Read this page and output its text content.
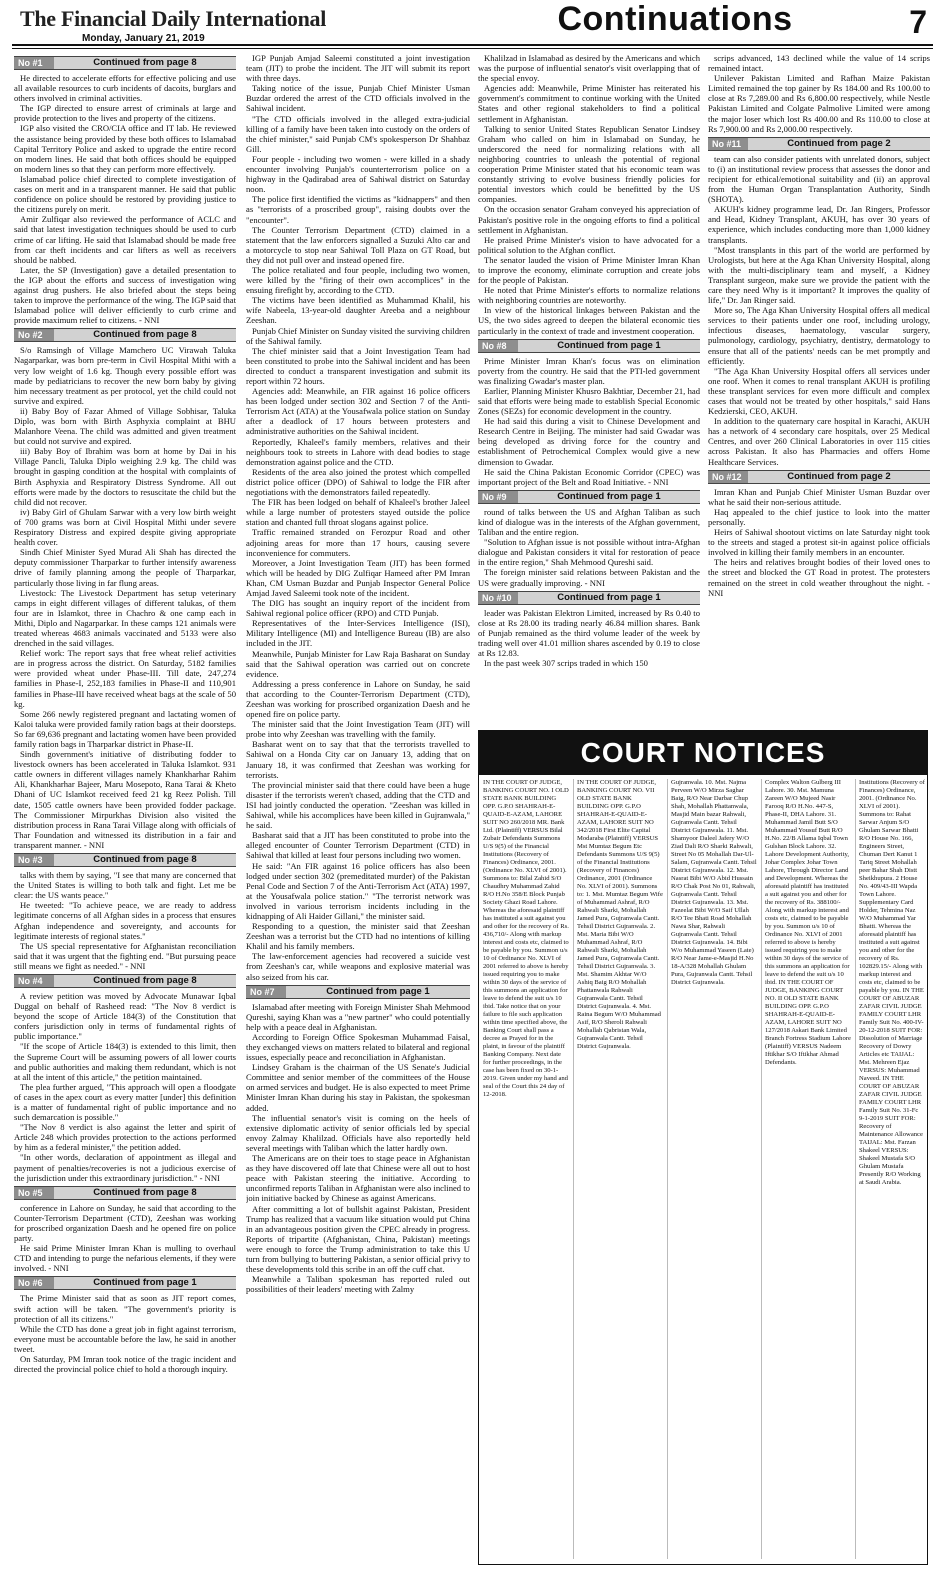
The Financial Daily International
Monday, January 21, 2019
Continuations	7
No #1	Continued from page 8

He directed to accelerate efforts for effective policing and use all available resources to curb incidents of dacoits, burglars and others involved in criminal activities.

The IGP directed to ensure arrest of criminals at large and provide protection to the lives and property of the citizens.

IGP also visited the CRO/CIA office and IT lab. He reviewed the assistance being provided by these both offices to Islamabad Capital Territory Police and asked to upgrade the entire record on modern lines. He said that both offices should be equipped on modern lines so that they can perform more effectively.

Islamabad police chief directed to complete investigation of cases on merit and in a transparent manner. He said that public confidence on police should be restored by providing justice to the citizens purely on merit.

Amir Zulfiqar also reviewed the performance of ACLC and said that latest investigation techniques should be used to curb crime of car lifting. He said that Islamabad should be made free from car theft incidents and car lifters as well as receivers should be nabbed.

Later, the SP (Investigation) gave a detailed presentation to the IGP about the efforts and success of investigation wing against drug pushers. He also briefed about the steps being taken to improve the performance of the wing. The IGP said that Islamabad police will deliver efficiently to curb crime and provide maximum relief to citizens. - NNI

No #2	Continued from page 8

S/o Ramsingh of Village Mamchero UC Virawah Taluka Nagarparkar, was born pre-term in Civil Hospital Mithi with a very low weight of 1.6 kg. Though every possible effort was made by pediatricians to recover the new born baby by giving him necessary treatment as per protocol, yet the child could not survive and expired.

ii) Baby Boy of Fazar Ahmed of Village Sobhisar, Taluka Diplo, was born with Birth Asphyxia complaint at BHU Malanhore Veena. The child was admitted and given treatment but could not survive and expired.

iii) Baby Boy of Ibrahim was born at home by Dai in his Village Pancli, Taluka Diplo weighing 2.9 kg. The child was brought in gasping condition at the hospital with complaints of Birth Asphyxia and Respiratory Distress Syndrome. All out efforts were made by the doctors to resuscitate the child but the child did not recover.

iv) Baby Girl of Ghulam Sarwar with a very low birth weight of 700 grams was born at Civil Hospital Mithi under severe Respiratory Distress and expired despite giving appropriate health cover.

Sindh Chief Minister Syed Murad Ali Shah has directed the deputy commissioner Tharparkar to further intensify awareness drive of family planning among the people of Tharparkar, particularly those living in far flung areas.

Livestock: The Livestock Department has setup veterinary camps in eight different villages of different talukas, of them four are in Islamkot, three in Chachro & one camp each in Mithi, Diplo and Nagarparkar. In these camps 121 animals were treated whereas 4683 animals vaccinated and 5133 were also drenched in the said villages.

Relief work: The report says that free wheat relief activities are in progress across the district. On Saturday, 5182 families were provided wheat under Phase-III. Till date, 247,274 families in Phase-I, 252,183 families in Phase-II and 110,901 families in Phase-III have received wheat bags at the scale of 50 kg.

Some 266 newly registered pregnant and lactating women of Kaloi taluka were provided family ration bags at their doorsteps. So far 69,636 pregnant and lactating women have been provided family ration bags in Tharparkar district in Phase-II.

Sindh government's initiative of distributing fodder to livestock owners has been accelerated in Taluka Islamkot. 931 cattle owners in different villages namely Khankharhar Rahim Ali, Khankharhar Bajeer, Maru Mosepoto, Rana Tarai & Kheto Dhani of UC Islamkot received feed 21 kg Reez Polish. Till date, 1505 cattle owners have been provided fodder package. The Commissioner Mirpurkhas Division also visited the distribution process in Rana Tarai Village along with officials of Thar Foundation and witnessed its distribution in a fair and transparent manner. - NNI

No #3	Continued from page 8

talks with them by saying, "I see that many are concerned that the United States is willing to both talk and fight. Let me be clear: the US wants peace."

He tweeted: "To achieve peace, we are ready to address legitimate concerns of all Afghan sides in a process that ensures Afghan independence and sovereignty, and accounts for legitimate interests of regional states."

The US special representative for Afghanistan reconciliation said that it was urgent that the fighting end. "But pursuing peace still means we fight as needed." - NNI

No #4	Continued from page 8

A review petition was moved by Advocate Munawar Iqbal Duggal on behalf of Rasheed read: "The Nov 8 verdict is beyond the scope of Article 184(3) of the Constitution that confers jurisdiction only in terms of fundamental rights of public importance."

"If the scope of Article 184(3) is extended to this limit, then the Supreme Court will be assuming powers of all lower courts and public authorities and making them redundant, which is not at all the intent of this article," the petition maintained.

The plea further argued, "This approach will open a floodgate of cases in the apex court as every matter [under] this definition is a matter of fundamental right of public importance and no such demarcation is possible."

"The Nov 8 verdict is also against the letter and spirit of Article 248 which provides protection to the actions performed by him as a federal minister," the petition added.

"In other words, declaration of appointment as illegal and payment of penalties/recoveries is not a judicious exercise of the jurisdiction under this extraordinary jurisdiction." - NNI

No #5	Continued from page 8

conference in Lahore on Sunday, he said that according to the Counter-Terrorism Department (CTD), Zeeshan was working for proscribed organization Daesh and he opened fire on police party.

He said Prime Minister Imran Khan is mulling to overhaul CTD and intending to purge the nefarious elements, if they were involved. - NNI

No #6	Continued from page 1

The Prime Minister said that as soon as JIT report comes, swift action will be taken. "The government's priority is protection of all its citizens."

While the CTD has done a great job in fight against terrorism, everyone must be accountable before the law, he said in another tweet.

On Saturday, PM Imran took notice of the tragic incident and directed the provincial police chief to hold a thorough inquiry.

IGP Punjab Amjad Saleemi constituted a joint investigation team (JIT) to probe the incident. The JIT will submit its report with three days.

Taking notice of the issue, Punjab Chief Minister Usman Buzdar ordered the arrest of the CTD officials involved in the Sahiwal incident.

"The CTD officials involved in the alleged extra-judicial killing of a family have been taken into custody on the orders of the chief minister," said Punjab CM's spokesperson Dr Shahbaz Gill.

Four people - including two women - were killed in a shady encounter involving Punjab's counterterrorism police on a highway in the Qadirabad area of Sahiwal district on Saturday noon.

The police first identified the victims as "kidnappers" and then as "terrorists of a proscribed group", raising doubts over the "encounter".

The Counter Terrorism Department (CTD) claimed in a statement that the law enforcers signalled a Suzuki Alto car and a motorcycle to stop near Sahiwal Toll Plaza on GT Road, but they did not pull over and instead opened fire.

The police retaliated and four people, including two women, were killed by the "firing of their own accomplices" in the ensuing firefight by, according to the CTD.

The victims have been identified as Muhammad Khalil, his wife Nabeela, 13-year-old daughter Areeba and a neighbour Zeeshan.

Punjab Chief Minister on Sunday visited the surviving children of the Sahiwal family.

The chief minister said that a Joint Investigation Team had been constituted to probe into the Sahiwal incident and has been directed to conduct a transparent investigation and submit its report within 72 hours.

Agencies add: Meanwhile, an FIR against 16 police officers has been lodged under section 302 and Section 7 of the Anti-Terrorism Act (ATA) at the Yousafwala police station on Sunday after a deadlock of 17 hours between protesters and administrative authorities on the Sahiwal incident.

Reportedly, Khaleel's family members, relatives and their neighbours took to streets in Lahore with dead bodies to stage demonstration against police and the CTD.

Residents of the area also joined the protest which compelled district police officer (DPO) of Sahiwal to lodge the FIR after negotiations with the demonstrators failed repeatedly.

The FIR has been lodged on behalf of Khaleel's brother Jaleel while a large number of protesters stayed outside the police station and chanted full throat slogans against police.

Traffic remained stranded on Ferozpur Road and other adjoining areas for more than 17 hours, causing severe inconvenience for commuters.

Moreover, a Joint Investigation Team (JIT) has been formed which will be headed by DIG Zulfiqar Hameed after PM Imran Khan, CM Usman Buzdar and Punjab Inspector General Police Amjad Javed Saleemi took note of the incident.

The DIG has sought an inquiry report of the incident from Sahiwal regional police officer (RPO) and CTD Punjab.

Representatives of the Inter-Services Intelligence (ISI), Military Intelligence (MI) and Intelligence Bureau (IB) are also included in the JIT.

Meanwhile, Punjab Minister for Law Raja Basharat on Sunday said that the Sahiwal operation was carried out on concrete evidence.

Addressing a press conference in Lahore on Sunday, he said that according to the Counter-Terrorism Department (CTD), Zeeshan was working for proscribed organization Daesh and he opened fire on police party.

The minister said that the Joint Investigation Team (JIT) will probe into why Zeeshan was travelling with the family.

Basharat went on to say that that the terrorists travelled to Sahiwal on a Honda City car on January 13, adding that on January 18, it was confirmed that Zeeshan was working for terrorists.

The provincial minister said that there could have been a huge disaster if the terrorists weren't chased, adding that the CTD and ISI had jointly conducted the operation. "Zeeshan was killed in Sahiwal, while his accomplices have been killed in Gujranwala," he said.

Basharat said that a JIT has been constituted to probe into the alleged encounter of Counter Terrorism Department (CTD) in Sahiwal that killed at least four persons including two women.

He said: "An FIR against 16 police officers has also been lodged under section 302 (premeditated murder) of the Pakistan Penal Code and Section 7 of the Anti-Terrorism Act (ATA) 1997, at the Yousafwala police station." "The terrorist network was involved in various terrorism incidents including in the kidnapping of Ali Haider Gillani," the minister said.

Responding to a question, the minister said that Zeeshan Zeeshan was a terrorist but the CTD had no intentions of killing Khalil and his family members.

The law-enforcement agencies had recovered a suicide vest from Zeeshan's car, while weapons and explosive material was also seized from his car.

No #7	Continued from page 1

Islamabad after meeting with Foreign Minister Shah Mehmood Qureshi, saying Khan was a "new partner" who could potentially help with a peace deal in Afghanistan.

According to Foreign Office Spokesman Muhammad Faisal, they exchanged views on matters related to bilateral and regional issues, especially peace and reconciliation in Afghanistan.

Lindsey Graham is the chairman of the US Senate's Judicial Committee and senior member of the committees of the House on armed services and budget. He is also expected to meet Prime Minister Imran Khan during his stay in Pakistan, the spokesman added.

The influential senator's visit is coming on the heels of extensive diplomatic activity of senior officials led by special envoy Zalmay Khalilzad. Officials have also reportedly held several meetings with Taliban which the latter hardly own.

The Americans are on their toes to stage peace in Afghanistan as they have discovered off late that Chinese were all out to host peace with Pakistan steering the initiative. According to unconfirmed reports Taliban in Afghanistan were also inclined to join initiative backed by Chinese as against Americans.

After committing a lot of bullshit against Pakistan, President Trump has realized that a vacuum like situation would put China in an advantageous position given the CPEC already in progress. Reports of tripartite (Afghanistan, China, Pakistan) meetings were enough to force the Trump administration to take this U turn from bullying to buttering Pakistan, a senior official privy to these developments told this scribe in an off the cuff chat.

Meanwhile a Taliban spokesman has reported ruled out possibilities of their leaders' meeting with Zalmy

Khalilzad in Islamabad as desired by the Americans and which was the purpose of influential senator's visit overlapping that of the special envoy.

Agencies add: Meanwhile, Prime Minister has reiterated his government's commitment to continue working with the United States and other regional stakeholders to find a political settlement in Afghanistan.

Talking to senior United States Republican Senator Lindsey Graham who called on him in Islamabad on Sunday, he underscored the need for normalizing relations with all neighboring countries to unleash the potential of regional cooperation Prime Minister stated that his economic team was constantly striving to evolve business friendly policies for potential investors which could be benefitted by the US companies.

On the occasion senator Graham conveyed his appreciation of Pakistan's positive role in the ongoing efforts to find a political settlement in Afghanistan.

He praised Prime Minister's vision to have advocated for a political solution to the Afghan conflict.

The senator lauded the vision of Prime Minister Imran Khan to improve the economy, eliminate corruption and create jobs for the people of Pakistan.

He noted that Prime Minister's efforts to normalize relations with neighboring countries are noteworthy.

In view of the historical linkages between Pakistan and the US, the two sides agreed to deepen the bilateral economic ties particularly in the context of trade and investment cooperation.

No #8	Continued from page 1

Prime Minister Imran Khan's focus was on elimination poverty from the country. He said that the PTI-led government was finalizing Gwadar's master plan.

Earlier, Planning Minister Khusro Bakhtiar, December 21, had said that efforts were being made to establish Special Economic Zones (SEZs) for economic development in the country.

He had said this during a visit to Chinese Development and Research Centre in Beijing. The minister had said Gwadar was being developed as driving force for the country and establishment of Petrochemical Complex would give a new dimension to Gwadar.

He said the China Pakistan Economic Corridor (CPEC) was important project of the Belt and Road Initiative. - NNI

No #9	Continued from page 1

round of talks between the US and Afghan Taliban as such kind of dialogue was in the interests of the Afghan government, Taliban and the entire region.

"Solution to Afghan issue is not possible without intra-Afghan dialogue and Pakistan considers it vital for restoration of peace in the entire region," Shah Mehmood Qureshi said.

The foreign minister said relations between Pakistan and the US were gradually improving. - NNI

No #10	Continued from page 1

leader was Pakistan Elektron Limited, increased by Rs 0.40 to close at Rs 28.00 its trading nearly 46.84 million shares. Bank of Punjab remained as the third volume leader of the week by trading well over 41.01 million shares ascended by 0.19 to close at Rs 12.83.

In the past week 307 scrips traded in which 150

scrips advanced, 143 declined while the value of 14 scrips remained intact.

Unilever Pakistan Limited and Rafhan Maize Pakistan Limited remained the top gainer by Rs 184.00 and Rs 100.00 to close at Rs 7,289.00 and Rs 6,800.00 respectively, while Nestle Pakistan Limited and Colgate Palmolive Limited were among the major loser which lost Rs 400.00 and Rs 110.00 to close at Rs 7,900.00 and Rs 2,000.00 respectively.

No #11	Continued from page 2

team can also consider patients with unrelated donors, subject to (i) an institutional review process that assesses the donor and recipient for ethical/emotional suitability and (ii) an approval from the Human Organ Transplantation Authority, Sindh (SHOTA).

AKUH's kidney programme lead, Dr. Jan Ringers, Professor and Head, Kidney Transplant, AKUH, has over 30 years of experience, which includes conducting more than 1,000 kidney transplants.

"Most transplants in this part of the world are performed by Urologists, but here at the Aga Khan University Hospital, along with the multi-disciplinary team and myself, a Kidney Transplant surgeon, make sure we provide the patient with the care they need Why is it important? It improves the quality of life," Dr. Jan Ringer said.

More so, The Aga Khan University Hospital offers all medical services to their patients under one roof, including urology, infectious diseases, haematology, vascular surgery, pulmonology, cardiology, psychiatry, dentistry, dermatology to ensure that all of the patients' needs can be met promptly and efficiently.

"The Aga Khan University Hospital offers all services under one roof. When it comes to renal transplant AKUH is profiling these transplant services for even more difficult and complex cases that would not be treated by other hospitals," said Hans Kedzierski, CEO, AKUH.

In addition to the quaternary care hospital in Karachi, AKUH has a network of 4 secondary care hospitals, over 25 Medical Centres, and over 260 Clinical Laboratories in over 115 cities across Pakistan. It also has Pharmacies and offers Home Healthcare Services.

No #12	Continued from page 2

Imran Khan and Punjab Chief Minister Usman Buzdar over what he said their non-serious attitude.

Haq appealed to the chief justice to look into the matter personally.

Heirs of Sahiwal shootout victims on late Saturday night took to the streets and staged a protest sit-in against police officials involved in killing their family members in an encounter.

The heirs and relatives brought bodies of their loved ones to the street and blocked the GT Road in protest. The protesters remained on the street in cold weather throughout the night. - NNI

COURT NOTICES

IN THE COURT OF JUDGE, BANKING COURT NO. I OLD STATE BANK BUILDING OPP. G.P.O SHAHRAH-E-QUAID-E-AZAM, LAHORE SUIT NO 260/2018 MR. Bank Ltd. (Plaintiff) VERSUS Bilal Zubair Defendants Summons U/S 9(5) of the Financial Institutions (Recovery of Finances) Ordinance, 2001. (Ordinance No. XLVI of 2001). Summons to: Bilal Zahid S/O Chaudhry Muhammad Zahid R/O H.No 358/E Block Punjab Society Ghazi Road Lahore. Whereas the aforesaid plaintiff has instituted a suit against you and other for the recovery of Rs. 436,710/- Along with markup interest and costs etc, claimed to be payable by you. Summon u/s 10 of Ordinance No. XLVI of 2001 referred to above is hereby issued requiring you to make within 30 days of the service of this summons an application for leave to defend the suit u/s 10 ibid. Take notice that on your failure to file such application within time specified above, the Banking Court shall pass a decree as Prayed for in the plaint, in favour of the plaintiff Banking Company. Next date for further proceedings, in the case has been fixed on 30-1-2019. Given under my hand and seal of the Court this 24 day of 12-2018.

IN THE COURT OF JUDGE, BANKING COURT NO. VII OLD STATE BANK BUILDING OPP. G.P.O SHAHRAH-E-QUAID-E-AZAM, LAHORE SUIT NO 342/2018 First Elite Capital Modaraba (Plaintiff) VERSUS Mst Mumtaz Begum Etc Defendants Summons U/S 9(5) of the Financial Institutions (Recovery of Finances) Ordinance, 2001 (Ordinance No. XLVI of 2001). Summons to: 1. Mst. Mumtaz Begum Wife of Muhammad Ashraf, R/O Rahwali Sharki, Mohallah Jamed Pura, Gujranwala Cantt. Tehsil District Gujranwala. 2. Mst. Maria Bibi W/O Muhammad Ashraf, R/O Rahwali Sharki, Mohallah Jamed Pura, Gujranwala Cantt. Tehsil District Gujranwala. 3. Mst. Shamim Akhtar W/O Ashiq Baig R/O Mohallah Phattanwala Rahwali Gujranwala Cantt. Tehsil District Gujranwala. 4. Mst. Raina Begum W/O Muhammad Asif, R/O Sheroli Rahwali Mohallah Qabristan Wala, Gujranwala Cantt. Tehsil District Gujranwala.

Gujranwala. 10. Mst. Najma Perveen W/O Mirza Saghar Baig, R/O Near Darbar Chup Shah, Mohallah Phattanwala, Masjid Main bazar Rahwali, Gujranwala Cantt. Tehsil District Gujranwala. 11. Mst. Shamyoor Daleel Jafery W/O Ziad Dali R/O Sharki Rahwali, Street No 05 Mohallah Dar-Ul-Salam, Gujranwala Cantt. Tehsil District Gujranwala. 12. Mst. Nasrat Bibi W/O Abid Hussain R/O Chak Post No 01, Rahwali, Gujranwala Cantt. Tehsil District Gujranwala. 13. Mst. Fazeelat Bibi W/O Saif Ullah R/O Tee Bhati Road Mohallah Nawa Shar, Rahwali Gujranwala Cantt. Tehsil District Gujranwala. 14. Bibi W/o Muhammad Yaseen (Late) R/O Near Jame-e-Masjid H.No 18-A/328 Mohallah Ghulam Pura, Gujranwala Cantt. Tehsil District Gujranwala.

Complex Walton Gulberg III Lahore. 30. Mst. Mamuna Zareen W/O Mujeed Nasir Farooq R/O H.No. 447-S, Phase-II, DHA Lahore. 31. Muhammad Jamil Butt S/O Muhammad Yousuf Butt R/O H.No. 22/B Allama Iqbal Town Gulshan Block Lahore. 32. Lahore Development Authority, Johar Complex Johar Town Lahore, Through Director Land and Development. Whereas the aforesaid plaintiff has instituted a suit against you and other for the recovery of Rs. 388100/- Along with markup interest and costs etc, claimed to be payable by you. Summon u/s 10 of Ordinance No. XLVI of 2001 referred to above is hereby issued requiring you to make within 30 days of the service of this summons an application for leave to defend the suit u/s 10 ibid. IN THE COURT OF JUDGE, BANKING COURT NO. II OLD STATE BANK BUILDING OPP. G.P.O SHAHRAH-E-QUAID-E-AZAM, LAHORE SUIT NO 127/2018 Askari Bank Limited Branch Fortress Stadium Lahore (Plaintiff) VERSUS Nadeem Iftikhar S/O Iftikhar Ahmad Defendants.

Institutions (Recovery of Finances) Ordinance, 2001. (Ordinance No. XLVI of 2001). Summons to: Rahat Sarwar Anjum S/O Ghulam Sarwar Bhatti R/O House No. 166, Engineers Street, Chuman Dert Kanut 1 Tariq Street Mohallah peer Bahar Shah Distt Sheikhupura. 2 House No. 409/43-III Wapda Town Lahore. Supplementary Card Holder, Tehmina Naz W/O Muhammad Yar Bhatti. Whereas the aforesaid plaintiff has instituted a suit against you and other for the recovery of Rs. 102829.15/- Along with markup interest and costs etc, claimed to be payable by you. IN THE COURT OF ABUZAR ZAFAR CIVIL JUDGE FAMILY COURT LHR Family Suit No. 400-IV-20-12-2018 SUIT FOR: Dissolution of Marriage Recovery of Dowry Articles etc TAIJAL: Mst. Mehreen Ejaz VERSUS: Muhammad Naveed. IN THE COURT OF ABUZAR ZAFAR CIVIL JUDGE FAMILY COURT LHR Family Suit No. 31-Fc 9-1-2019 SUIT FOR: Recovery of Maintenance Allowance TAIJAL: Mst. Farzan Shakeel VERSUS: Shakeel Mustafa S/O Ghulam Mustafa Presently R/O Working at Saudi Arabia.
